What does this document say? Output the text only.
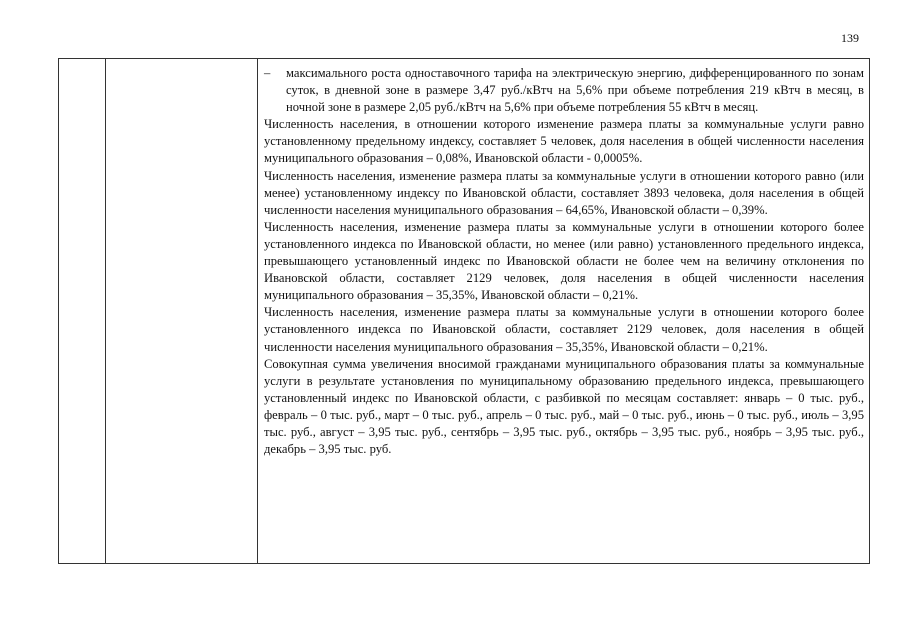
139
– максимального роста одноставочного тарифа на электрическую энергию, дифференцированного по зонам суток, в дневной зоне в размере 3,47 руб./кВтч на 5,6% при объеме потребления 219 кВтч в месяц, в ночной зоне в размере 2,05 руб./кВтч на 5,6% при объеме потребления 55 кВтч в месяц.

Численность населения, в отношении которого изменение размера платы за коммунальные услуги равно установленному предельному индексу, составляет 5 человек, доля населения в общей численности населения муниципального образования – 0,08%, Ивановской области - 0,0005%.

Численность населения, изменение размера платы за коммунальные услуги в отношении которого равно (или менее) установленному индексу по Ивановской области, составляет 3893 человека, доля населения в общей численности населения муниципального образования – 64,65%, Ивановской области – 0,39%.

Численность населения, изменение размера платы за коммунальные услуги в отношении которого более установленного индекса по Ивановской области, но менее (или равно) установленного предельного индекса, превышающего установленный индекс по Ивановской области не более чем на величину отклонения по Ивановской области, составляет 2129 человек, доля населения в общей численности населения муниципального образования – 35,35%, Ивановской области – 0,21%.

Численность населения, изменение размера платы за коммунальные услуги в отношении которого более установленного индекса по Ивановской области, составляет 2129 человек, доля населения в общей численности населения муниципального образования – 35,35%, Ивановской области – 0,21%.

Совокупная сумма увеличения вносимой гражданами муниципального образования платы за коммунальные услуги в результате установления по муниципальному образованию предельного индекса, превышающего установленный индекс по Ивановской области, с разбивкой по месяцам составляет: январь – 0 тыс. руб., февраль – 0 тыс. руб., март – 0 тыс. руб., апрель – 0 тыс. руб., май – 0 тыс. руб., июнь – 0 тыс. руб., июль – 3,95 тыс. руб., август – 3,95 тыс. руб., сентябрь – 3,95 тыс. руб., октябрь – 3,95 тыс. руб., ноябрь – 3,95 тыс. руб., декабрь – 3,95 тыс. руб.
